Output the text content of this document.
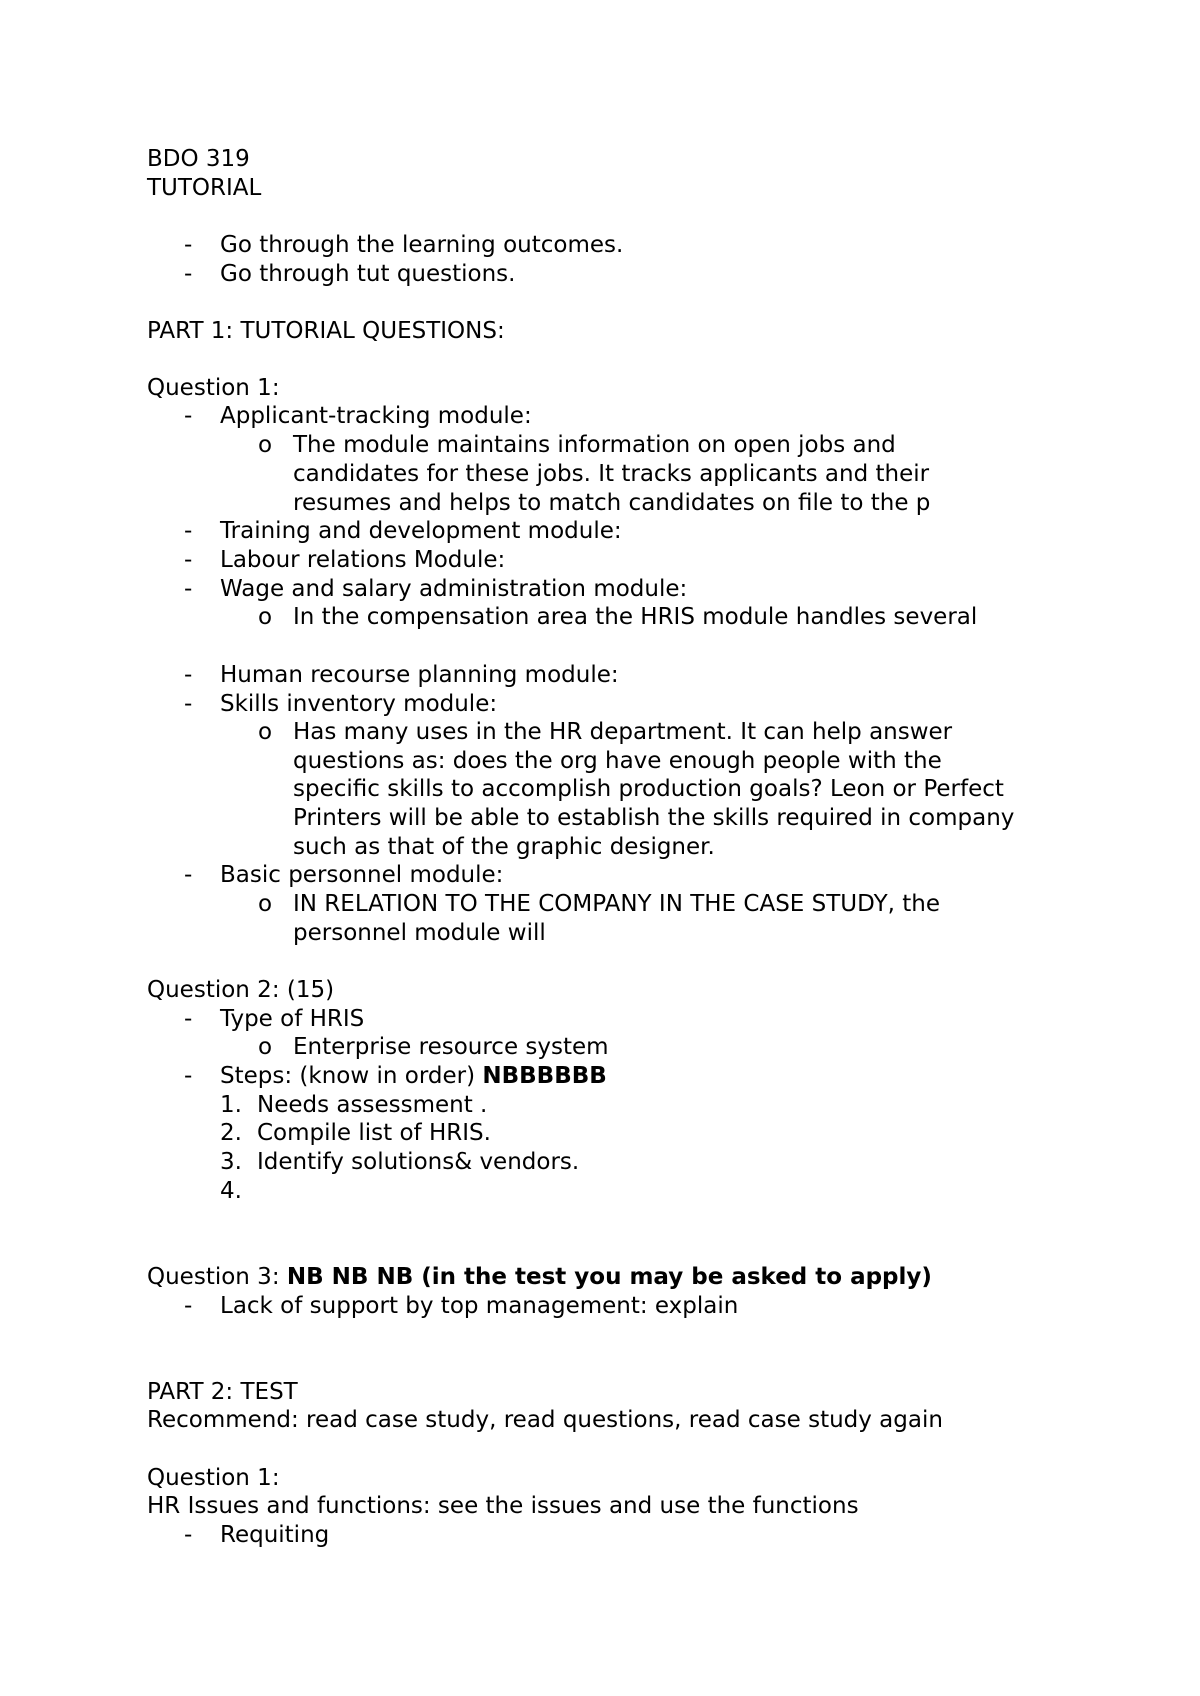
BDO 319
TUTORIAL
- Go through the learning outcomes.
- Go through tut questions.
PART 1: TUTORIAL QUESTIONS:
Question 1:
- Applicant-tracking module:
o The module maintains information on open jobs and
candidates for these jobs. It tracks applicants and their
resumes and helps to match candidates on file to the p
- Training and development module:
- Labour relations Module:
- Wage and salary administration module:
o In the compensation area the HRIS module handles several
- Human recourse planning module:
- Skills inventory module:
o Has many uses in the HR department. It can help answer
questions as: does the org have enough people with the
specific skills to accomplish production goals? Leon or Perfect
Printers will be able to establish the skills required in company
such as that of the graphic designer.
- Basic personnel module:
o IN RELATION TO THE COMPANY IN THE CASE STUDY, the
personnel module will
Question 2: (15)
- Type of HRIS
o Enterprise resource system
- Steps: (know in order) NBBBBBB
1. Needs assessment .
2. Compile list of HRIS.
3. Identify solutions& vendors.
4.
Question 3: NB NB NB (in the test you may be asked to apply)
- Lack of support by top management: explain
PART 2: TEST
Recommend: read case study, read questions, read case study again
Question 1:
HR Issues and functions: see the issues and use the functions
- Requiting
